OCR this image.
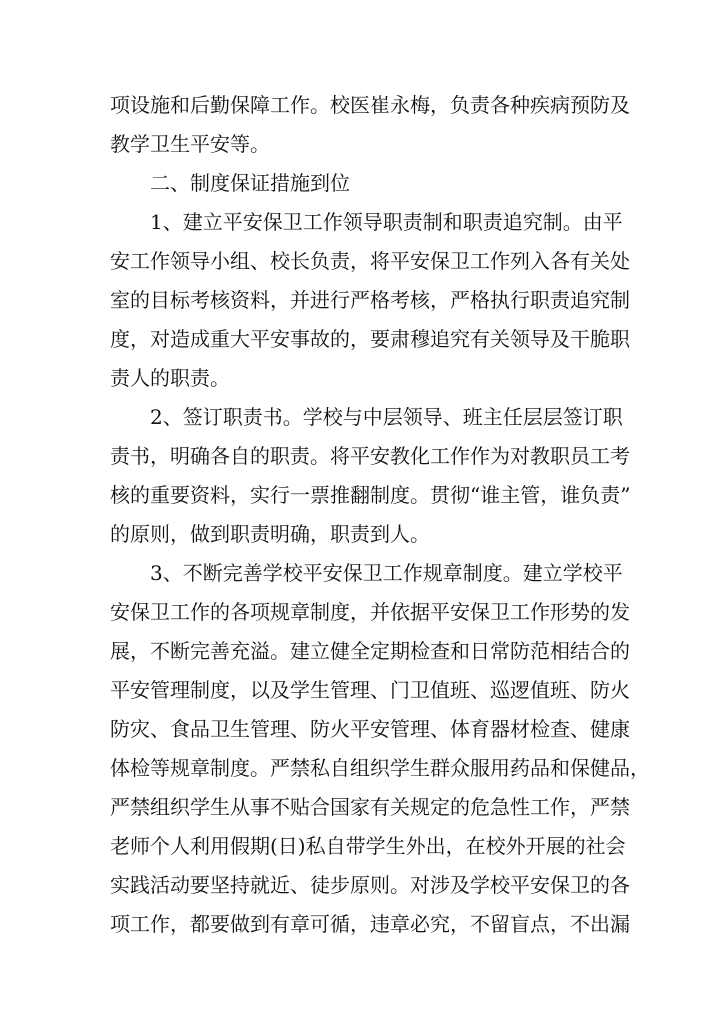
项设施和后勤保障工作。校医崔永梅，负责各种疾病预防及
教学卫生平安等。
二、制度保证措施到位
1、建立平安保卫工作领导职责制和职责追究制。由平
安工作领导小组、校长负责，将平安保卫工作列入各有关处
室的目标考核资料，并进行严格考核，严格执行职责追究制
度，对造成重大平安事故的，要肃穆追究有关领导及干脆职
责人的职责。
2、签订职责书。学校与中层领导、班主任层层签订职
责书，明确各自的职责。将平安教化工作作为对教职员工考
核的重要资料，实行一票推翻制度。贯彻“谁主管，谁负责”
的原则，做到职责明确，职责到人。
3、不断完善学校平安保卫工作规章制度。建立学校平
安保卫工作的各项规章制度，并依据平安保卫工作形势的发
展，不断完善充溢。建立健全定期检查和日常防范相结合的
平安管理制度，以及学生管理、门卫值班、巡逻值班、防火
防灾、食品卫生管理、防火平安管理、体育器材检查、健康
体检等规章制度。严禁私自组织学生群众服用药品和保健品，
严禁组织学生从事不贴合国家有关规定的危急性工作，严禁
老师个人利用假期(日)私自带学生外出，在校外开展的社会
实践活动要坚持就近、徒步原则。对涉及学校平安保卫的各
项工作，都要做到有章可循，违章必究，不留盲点，不出漏
